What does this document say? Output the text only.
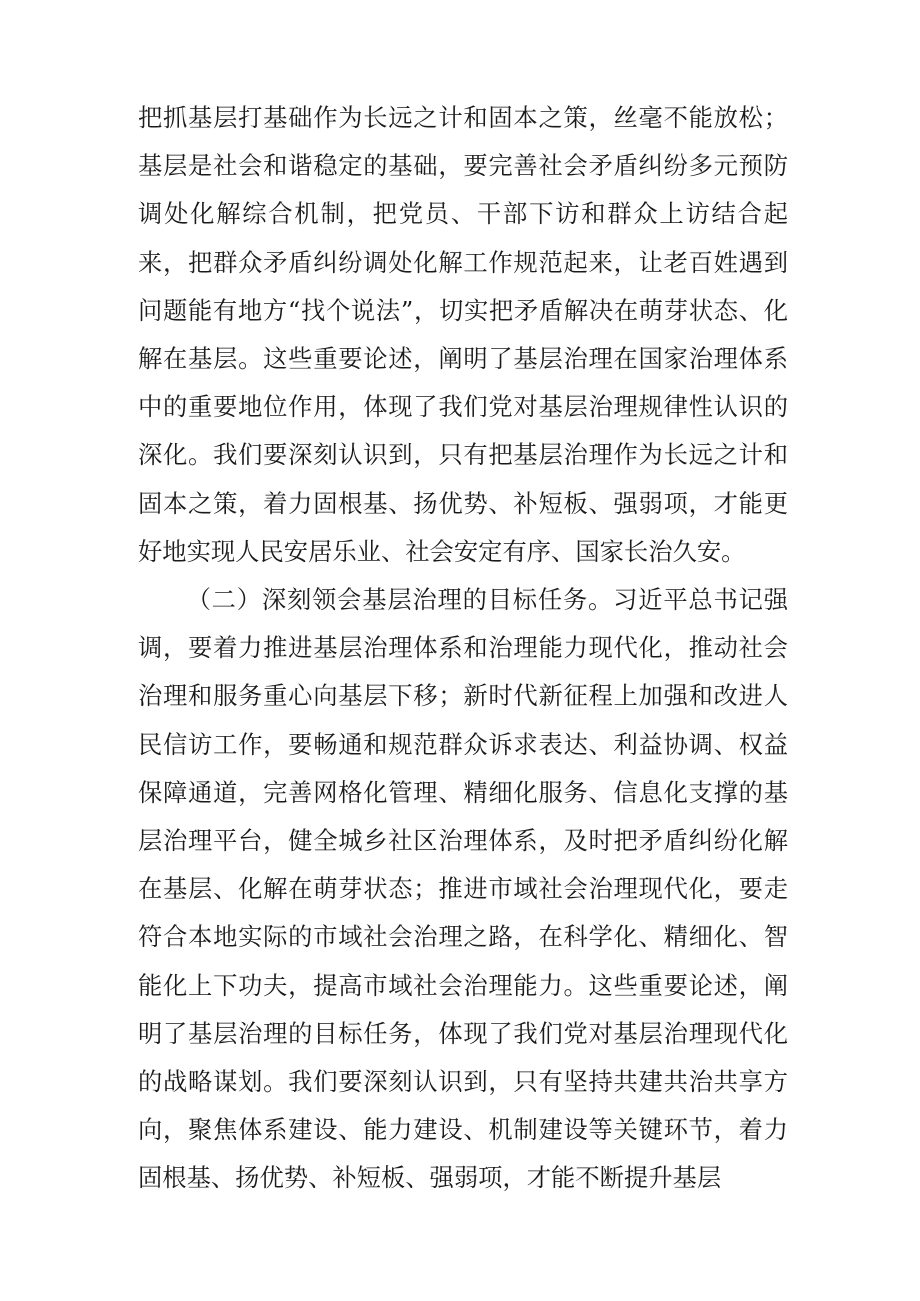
把抓基层打基础作为长远之计和固本之策，丝毫不能放松；基层是社会和谐稳定的基础，要完善社会矛盾纠纷多元预防调处化解综合机制，把党员、干部下访和群众上访结合起来，把群众矛盾纠纷调处化解工作规范起来，让老百姓遇到问题能有地方“找个说法”，切实把矛盾解决在萌芽状态、化解在基层。这些重要论述，阐明了基层治理在国家治理体系中的重要地位作用，体现了我们党对基层治理规律性认识的深化。我们要深刻认识到，只有把基层治理作为长远之计和固本之策，着力固根基、扬优势、补短板、强弱项，才能更好地实现人民安居乐业、社会安定有序、国家长治久安。

（二）深刻领会基层治理的目标任务。习近平总书记强调，要着力推进基层治理体系和治理能力现代化，推动社会治理和服务重心向基层下移；新时代新征程上加强和改进人民信访工作，要畅通和规范群众诉求表达、利益协调、权益保障通道，完善网格化管理、精细化服务、信息化支撑的基层治理平台，健全城乡社区治理体系，及时把矛盾纠纷化解在基层、化解在萌芽状态；推进市域社会治理现代化，要走符合本地实际的市域社会治理之路，在科学化、精细化、智能化上下功夫，提高市域社会治理能力。这些重要论述，阐明了基层治理的目标任务，体现了我们党对基层治理现代化的战略谋划。我们要深刻认识到，只有坚持共建共治共享方向，聚焦体系建设、能力建设、机制建设等关键环节，着力固根基、扬优势、补短板、强弱项，才能不断提升基层
